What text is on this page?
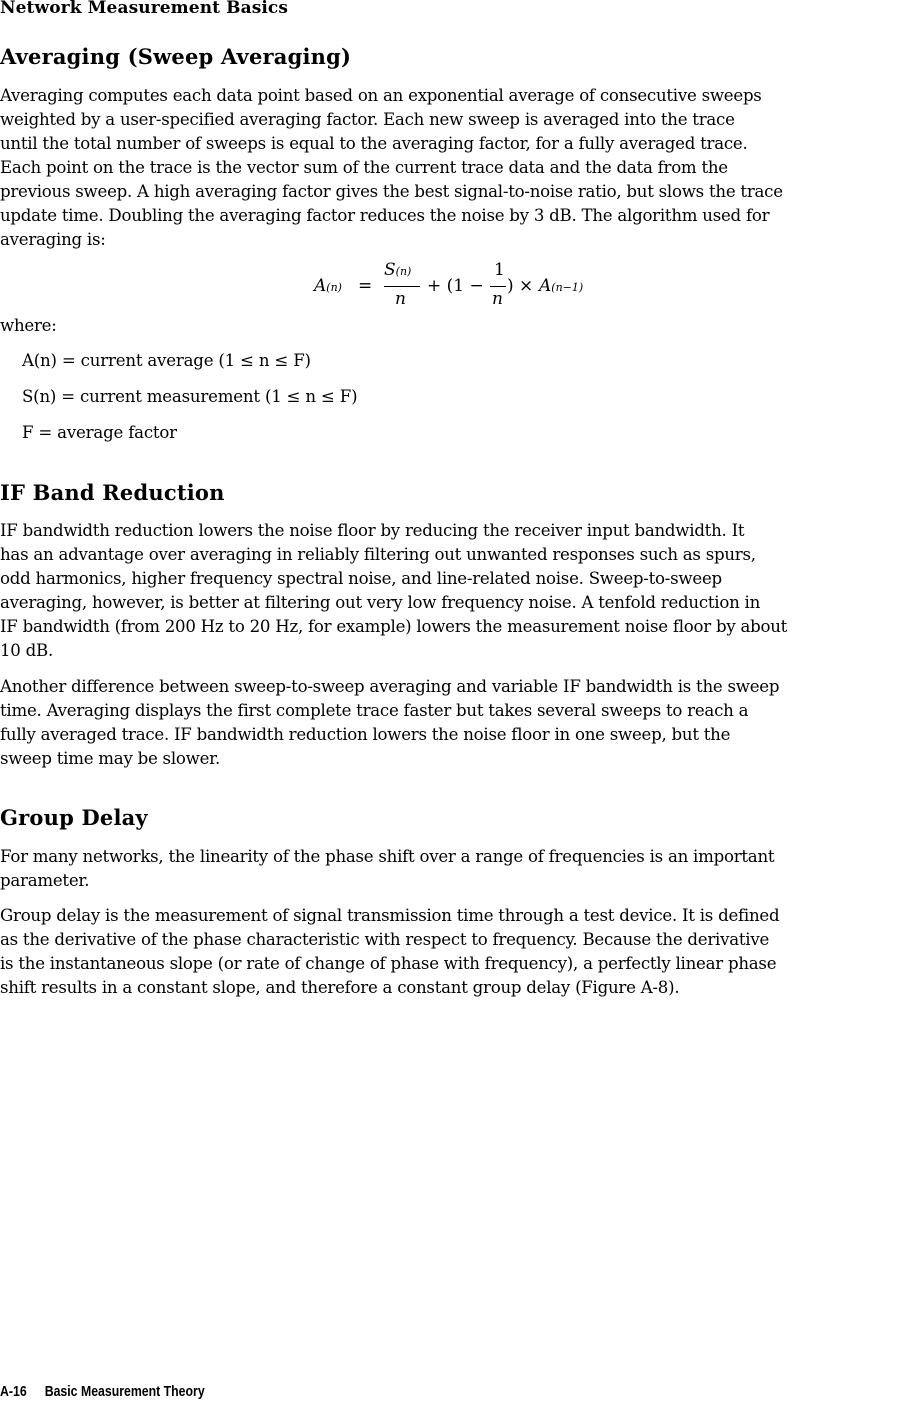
Network Measurement Basics
Averaging (Sweep Averaging)
Averaging computes each data point based on an exponential average of consecutive sweeps
weighted by a user-specified averaging factor. Each new sweep is averaged into the trace
until the total number of sweeps is equal to the averaging factor, for a fully averaged trace.
Each point on the trace is the vector sum of the current trace data and the data from the
previous sweep. A high averaging factor gives the best signal-to-noise ratio, but slows the trace
update time. Doubling the averaging factor reduces the noise by 3 dB. The algorithm used for
averaging is:
A(n) =
S(n)
n
+ (1 −
1
n
) × A(n−1)
where:
A(n) = current average (1 ≤ n ≤ F)
S(n) = current measurement (1 ≤ n ≤ F)
F = average factor
IF Band Reduction
IF bandwidth reduction lowers the noise floor by reducing the receiver input bandwidth. It
has an advantage over averaging in reliably filtering out unwanted responses such as spurs,
odd harmonics, higher frequency spectral noise, and line-related noise. Sweep-to-sweep
averaging, however, is better at filtering out very low frequency noise. A tenfold reduction in
IF bandwidth (from 200 Hz to 20 Hz, for example) lowers the measurement noise floor by about
10 dB.
Another difference between sweep-to-sweep averaging and variable IF bandwidth is the sweep
time. Averaging displays the first complete trace faster but takes several sweeps to reach a
fully averaged trace. IF bandwidth reduction lowers the noise floor in one sweep, but the
sweep time may be slower.
Group Delay
For many networks, the linearity of the phase shift over a range of frequencies is an important
parameter.
Group delay is the measurement of signal transmission time through a test device. It is defined
as the derivative of the phase characteristic with respect to frequency. Because the derivative
is the instantaneous slope (or rate of change of phase with frequency), a perfectly linear phase
shift results in a constant slope, and therefore a constant group delay (Figure A-8).
A-16 Basic Measurement Theory
